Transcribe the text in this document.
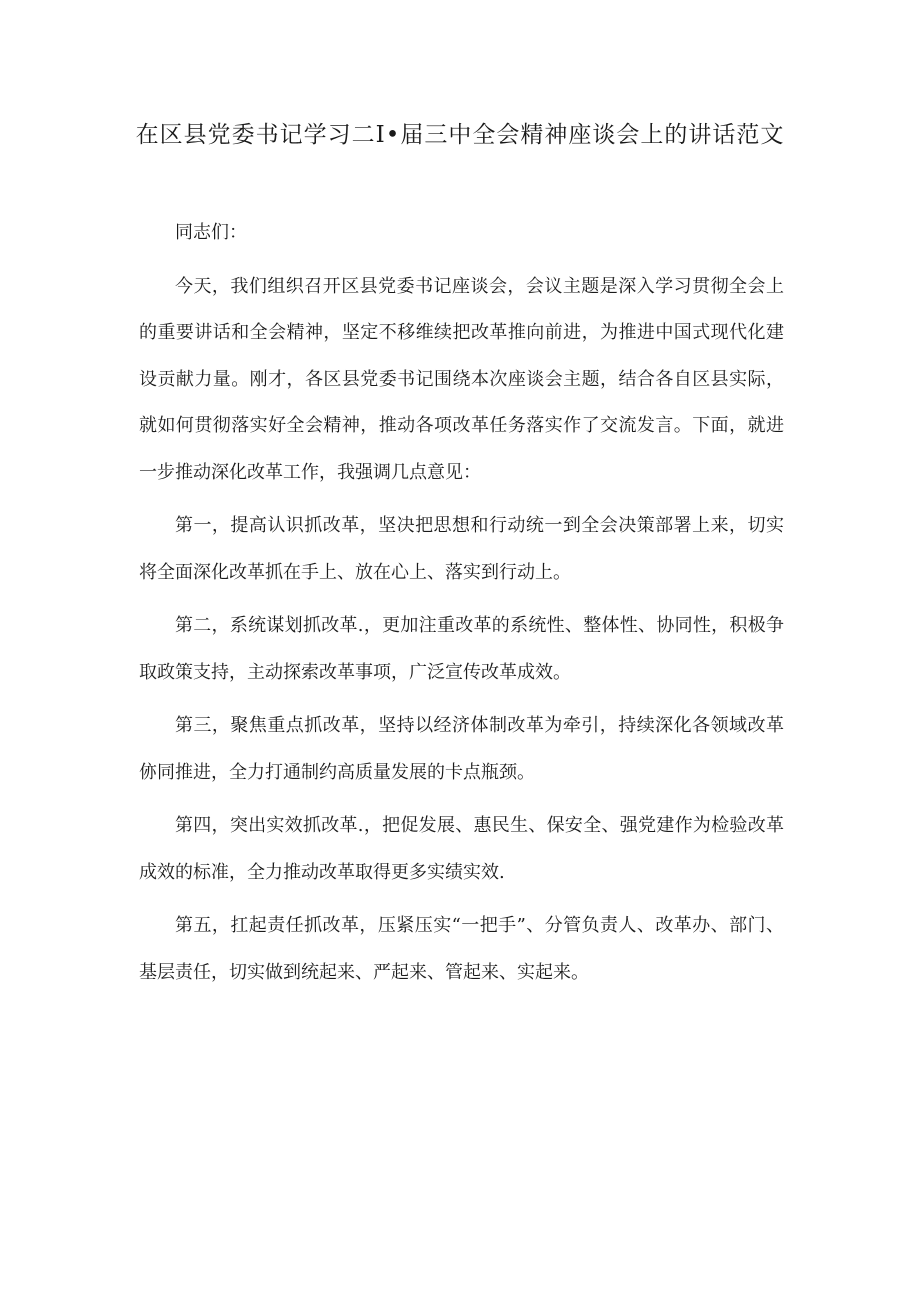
在区县党委书记学习二Ⅰ•届三中全会精神座谈会上的讲话范文

同志们：

今天，我们组织召开区县党委书记座谈会，会议主题是深入学习贯彻全会上的重要讲话和全会精神，坚定不移维续把改革推向前进，为推进中国式现代化建设贡献力量。刚才，各区县党委书记围绕本次座谈会主题，结合各自区县实际，就如何贯彻落实好全会精神，推动各项改革任务落实作了交流发言。下面，就进一步推动深化改革工作，我强调几点意见：

第一，提高认识抓改革，坚决把思想和行动统一到全会决策部署上来，切实将全面深化改革抓在手上、放在心上、落实到行动上。

第二，系统谋划抓改革.，更加注重改革的系统性、整体性、协同性，积极争取政策支持，主动探索改革事项，广泛宣传改革成效。

第三，聚焦重点抓改革，坚持以经济体制改革为牵引，持续深化各领域改革㑊同推进，全力打通制约高质量发展的卡点瓶颈。

第四，突出实效抓改革.，把促发展、惠民生、保安全、强党建作为检验改革成效的标准，全力推动改革取得更多实绩实效.

第五，扛起责任抓改革，压紧压实“一把手”、分管负责人、改革办、部门、基层责任，切实做到统起来、严起来、管起来、实起来。
